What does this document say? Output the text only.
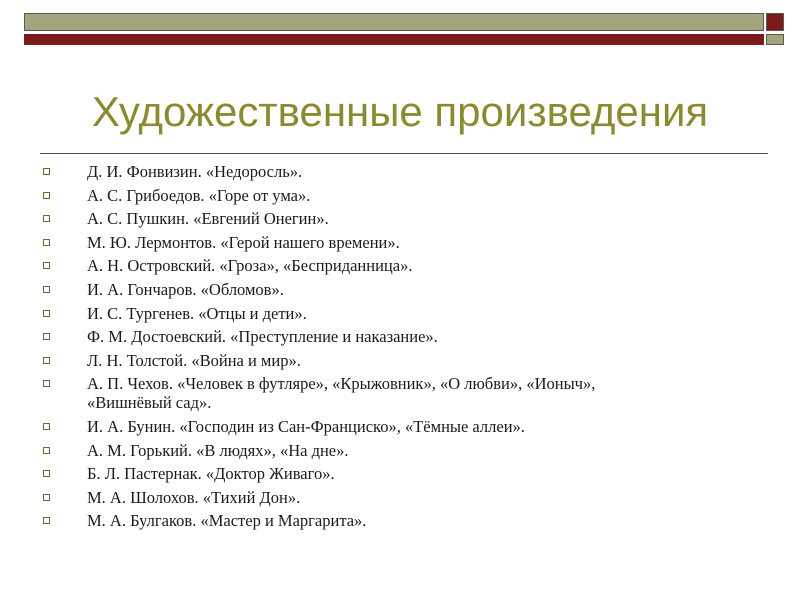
Художественные произведения
Д. И. Фонвизин. «Недоросль».
А. С. Грибоедов. «Горе от ума».
А. С. Пушкин. «Евгений Онегин».
М. Ю. Лермонтов. «Герой нашего времени».
А. Н. Островский. «Гроза», «Бесприданница».
И. А. Гончаров. «Обломов».
И. С. Тургенев. «Отцы и дети».
Ф. М. Достоевский. «Преступление и наказание».
Л. Н. Толстой. «Война и мир».
А. П. Чехов. «Человек в футляре», «Крыжовник», «О любви», «Ионыч»,
«Вишнёвый сад».
И. А. Бунин. «Господин из Сан-Франциско», «Тёмные аллеи».
А. М. Горький. «В людях», «На дне».
Б. Л. Пастернак. «Доктор Живаго».
М. А. Шолохов. «Тихий Дон».
М. А. Булгаков. «Мастер и Маргарита».
